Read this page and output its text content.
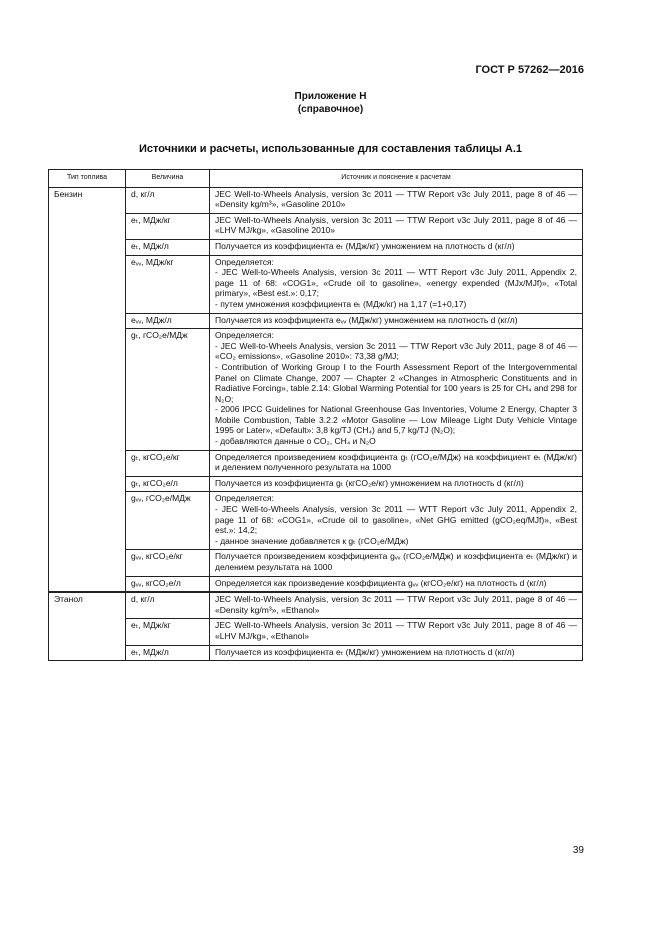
ГОСТ Р 57262—2016
Приложение Н
(справочное)
Источники и расчеты, использованные для составления таблицы А.1
Тип топлива	Величина	Источник и пояснение к расчетам
Бензин	d, кг/л	JEC Well-to-Wheels Analysis, version 3c 2011 — TTW Report v3c July 2011, page 8 of 46 — «Density kg/m³», «Gasoline 2010»

	eₜ, МДж/кг	JEC Well-to-Wheels Analysis, version 3c 2011 — TTW Report v3c July 2011, page 8 of 46 — «LHV MJ/kg», «Gasoline 2010»

	eₜ, МДж/л	Получается из коэффициента eₜ (МДж/кг) умножением на плотность d (кг/л)

	eᵥᵥ, МДж/кг	Определяется:
- JEC Well-to-Wheels Analysis, version 3c 2011 — WTT Report v3c July 2011, Appendix 2, page 11 of 68: «COG1», «Crude oil to gasoline», «energy expended (MJx/MJf)», «Total primary», «Best est.»: 0,17;
- путем умножения коэффициента eₜ (МДж/кг) на 1,17 (=1+0,17)

	eᵥᵥ, МДж/л	Получается из коэффициента eᵥᵥ (МДж/кг) умножением на плотность d (кг/л)

	gₜ, гCO₂е/МДж	Определяется:
- JEC Well-to-Wheels Analysis, version 3c 2011 — TTW Report v3c July 2011, page 8 of 46 — «CO₂ emissions», «Gasoline 2010»: 73,38 g/MJ;
- Contribution of Working Group I to the Fourth Assessment Report of the Intergovernmental Panel on Climate Change, 2007 — Chapter 2 «Changes in Atmospheric Constituents and in Radiative Forcing», table 2.14: Global Warming Potential for 100 years is 25 for CH₄ and 298 for N₂O;
- 2006 IPCC Guidelines for National Greenhouse Gas Inventories, Volume 2 Energy, Chapter 3 Mobile Combustion, Table 3.2.2 «Motor Gasoline — Low Mileage Light Duty Vehicle Vintage 1995 or Later», «Default»: 3,8 kg/TJ (CH₄) and 5,7 kg/TJ (N₂O);
- добавляются данные о CO₂, CH₄ и N₂O

	gₜ, кгCO₂е/кг	Определяется произведением коэффициента gₜ (гCO₂е/МДж) на коэффициент eₜ (МДж/кг) и делением полученного результата на 1000

	gₜ, кгCO₂е/л	Получается из коэффициента gₜ (кгCO₂е/кг) умножением на плотность d (кг/л)

	gᵥᵥ, гCO₂е/МДж	Определяется:
- JEC Well-to-Wheels Analysis, version 3c 2011 — WTT Report v3c July 2011, Appendix 2, page 11 of 68: «COG1», «Crude oil to gasoline», «Net GHG emitted (gCO₂eq/MJf)», «Best est.»: 14,2;
- данное значение добавляется к gₜ (гCO₂е/МДж)

	gᵥᵥ, кгCO₂е/кг	Получается произведением коэффициента gᵥᵥ (гCO₂е/МДж) и коэффициента eₜ (МДж/кг) и делением результата на 1000

	gᵥᵥ, кгCO₂е/л	Определяется как произведение коэффициента gᵥᵥ (кгCO₂е/кг) на плотность d (кг/л)

Этанол	d, кг/л	JEC Well-to-Wheels Analysis, version 3c 2011 — TTW Report v3c July 2011, page 8 of 46 — «Density kg/m³», «Ethanol»

	eₜ, МДж/кг	JEC Well-to-Wheels Analysis, version 3c 2011 — TTW Report v3c July 2011, page 8 of 46 — «LHV MJ/kg», «Ethanol»

	eₜ, МДж/л	Получается из коэффициента eₜ (МДж/кг) умножением на плотность d (кг/л)
39
